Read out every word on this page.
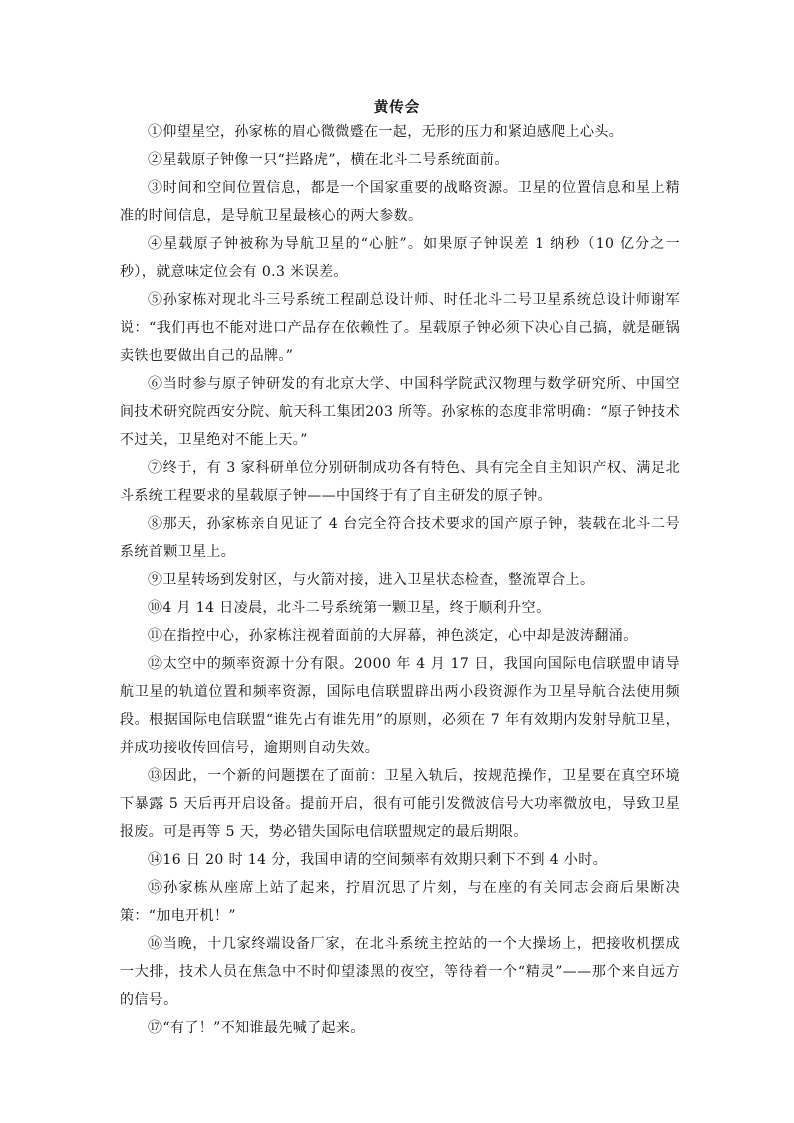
黄传会

①仰望星空，孙家栋的眉心微微蹙在一起，无形的压力和紧迫感爬上心头。

②星载原子钟像一只“拦路虎”，横在北斗二号系统面前。

③时间和空间位置信息，都是一个国家重要的战略资源。卫星的位置信息和星上精准的时间信息，是导航卫星最核心的两大参数。

④星载原子钟被称为导航卫星的“心脏”。如果原子钟误差 1 纳秒（10 亿分之一秒），就意味定位会有 0.3 米误差。

⑤孙家栋对现北斗三号系统工程副总设计师、时任北斗二号卫星系统总设计师谢军说：“我们再也不能对进口产品存在依赖性了。星载原子钟必须下决心自己搞，就是砸锅卖铁也要做出自己的品牌。”

⑥当时参与原子钟研发的有北京大学、中国科学院武汉物理与数学研究所、中国空间技术研究院西安分院、航天科工集团203 所等。孙家栋的态度非常明确：“原子钟技术不过关，卫星绝对不能上天。”

⑦终于，有 3 家科研单位分别研制成功各有特色、具有完全自主知识产权、满足北斗系统工程要求的星载原子钟——中国终于有了自主研发的原子钟。

⑧那天，孙家栋亲自见证了 4 台完全符合技术要求的国产原子钟，装载在北斗二号系统首颗卫星上。

⑨卫星转场到发射区，与火箭对接，进入卫星状态检查，整流罩合上。

⑩4 月 14 日凌晨，北斗二号系统第一颗卫星，终于顺利升空。

⑪在指控中心，孙家栋注视着面前的大屏幕，神色淡定，心中却是波涛翻涌。

⑫太空中的频率资源十分有限。2000 年 4 月 17 日，我国向国际电信联盟申请导航卫星的轨道位置和频率资源，国际电信联盟辟出两小段资源作为卫星导航合法使用频段。根据国际电信联盟“谁先占有谁先用”的原则，必须在 7 年有效期内发射导航卫星，并成功接收传回信号，逾期则自动失效。

⑬因此，一个新的问题摆在了面前：卫星入轨后，按规范操作，卫星要在真空环境下暴露 5 天后再开启设备。提前开启，很有可能引发微波信号大功率微放电，导致卫星报废。可是再等 5 天，势必错失国际电信联盟规定的最后期限。

⑭16 日 20 时 14 分，我国申请的空间频率有效期只剩下不到 4 小时。

⑮孙家栋从座席上站了起来，拧眉沉思了片刻，与在座的有关同志会商后果断决策：“加电开机！”

⑯当晚，十几家终端设备厂家，在北斗系统主控站的一个大操场上，把接收机摆成一大排，技术人员在焦急中不时仰望漆黑的夜空，等待着一个“精灵”——那个来自远方的信号。

⑰“有了！”不知谁最先喊了起来。
